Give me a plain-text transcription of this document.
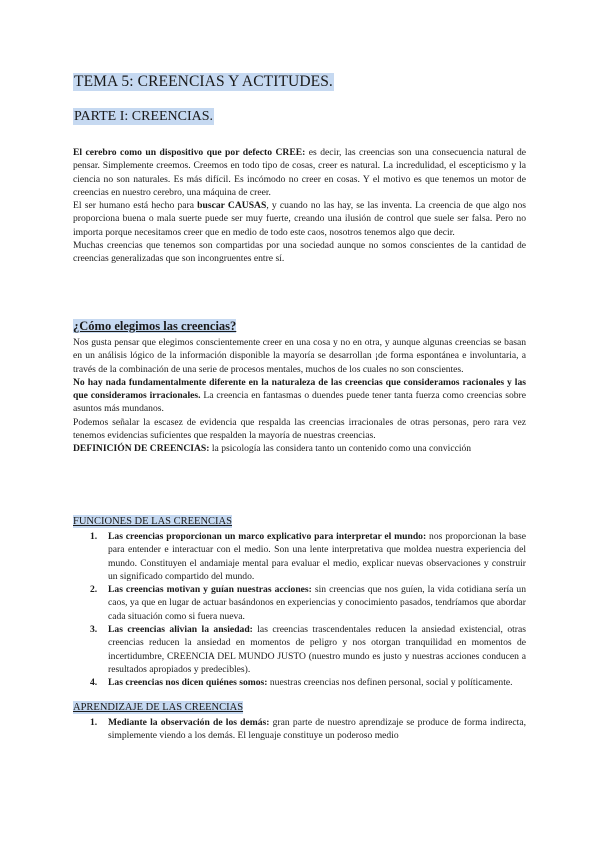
TEMA 5: CREENCIAS Y ACTITUDES.
PARTE I: CREENCIAS.

El cerebro como un dispositivo que por defecto CREE: es decir, las creencias son una consecuencia natural de pensar. Simplemente creemos. Creemos en todo tipo de cosas, creer es natural. La incredulidad, el escepticismo y la ciencia no son naturales. Es más difícil. Es incómodo no creer en cosas. Y el motivo es que tenemos un motor de creencias en nuestro cerebro, una máquina de creer.

El ser humano está hecho para buscar CAUSAS, y cuando no las hay, se las inventa. La creencia de que algo nos proporciona buena o mala suerte puede ser muy fuerte, creando una ilusión de control que suele ser falsa. Pero no importa porque necesitamos creer que en medio de todo este caos, nosotros tenemos algo que decir.

Muchas creencias que tenemos son compartidas por una sociedad aunque no somos conscientes de la cantidad de creencias generalizadas que son incongruentes entre sí.

¿Cómo elegimos las creencias?

Nos gusta pensar que elegimos conscientemente creer en una cosa y no en otra, y aunque algunas creencias se basan en un análisis lógico de la información disponible la mayoría se desarrollan ¡de forma espontánea e involuntaria, a través de la combinación de una serie de procesos mentales, muchos de los cuales no son conscientes.

No hay nada fundamentalmente diferente en la naturaleza de las creencias que consideramos racionales y las que consideramos irracionales. La creencia en fantasmas o duendes puede tener tanta fuerza como creencias sobre asuntos más mundanos.

Podemos señalar la escasez de evidencia que respalda las creencias irracionales de otras personas, pero rara vez tenemos evidencias suficientes que respalden la mayoría de nuestras creencias.

DEFINICIÓN DE CREENCIAS: la psicología las considera tanto un contenido como una convicción

FUNCIONES DE LAS CREENCIAS
1. Las creencias proporcionan un marco explicativo para interpretar el mundo: nos proporcionan la base para entender e interactuar con el medio. Son una lente interpretativa que moldea nuestra experiencia del mundo. Constituyen el andamiaje mental para evaluar el medio, explicar nuevas observaciones y construir un significado compartido del mundo.
2. Las creencias motivan y guían nuestras acciones: sin creencias que nos guíen, la vida cotidiana sería un caos, ya que en lugar de actuar basándonos en experiencias y conocimiento pasados, tendríamos que abordar cada situación como si fuera nueva.
3. Las creencias alivian la ansiedad: las creencias trascendentales reducen la ansiedad existencial, otras creencias reducen la ansiedad en momentos de peligro y nos otorgan tranquilidad en momentos de incertidumbre, CREENCIA DEL MUNDO JUSTO (nuestro mundo es justo y nuestras acciones conducen a resultados apropiados y predecibles).
4. Las creencias nos dicen quiénes somos: nuestras creencias nos definen personal, social y políticamente.
APRENDIZAJE DE LAS CREENCIAS
1. Mediante la observación de los demás: gran parte de nuestro aprendizaje se produce de forma indirecta, simplemente viendo a los demás. El lenguaje constituye un poderoso medio
